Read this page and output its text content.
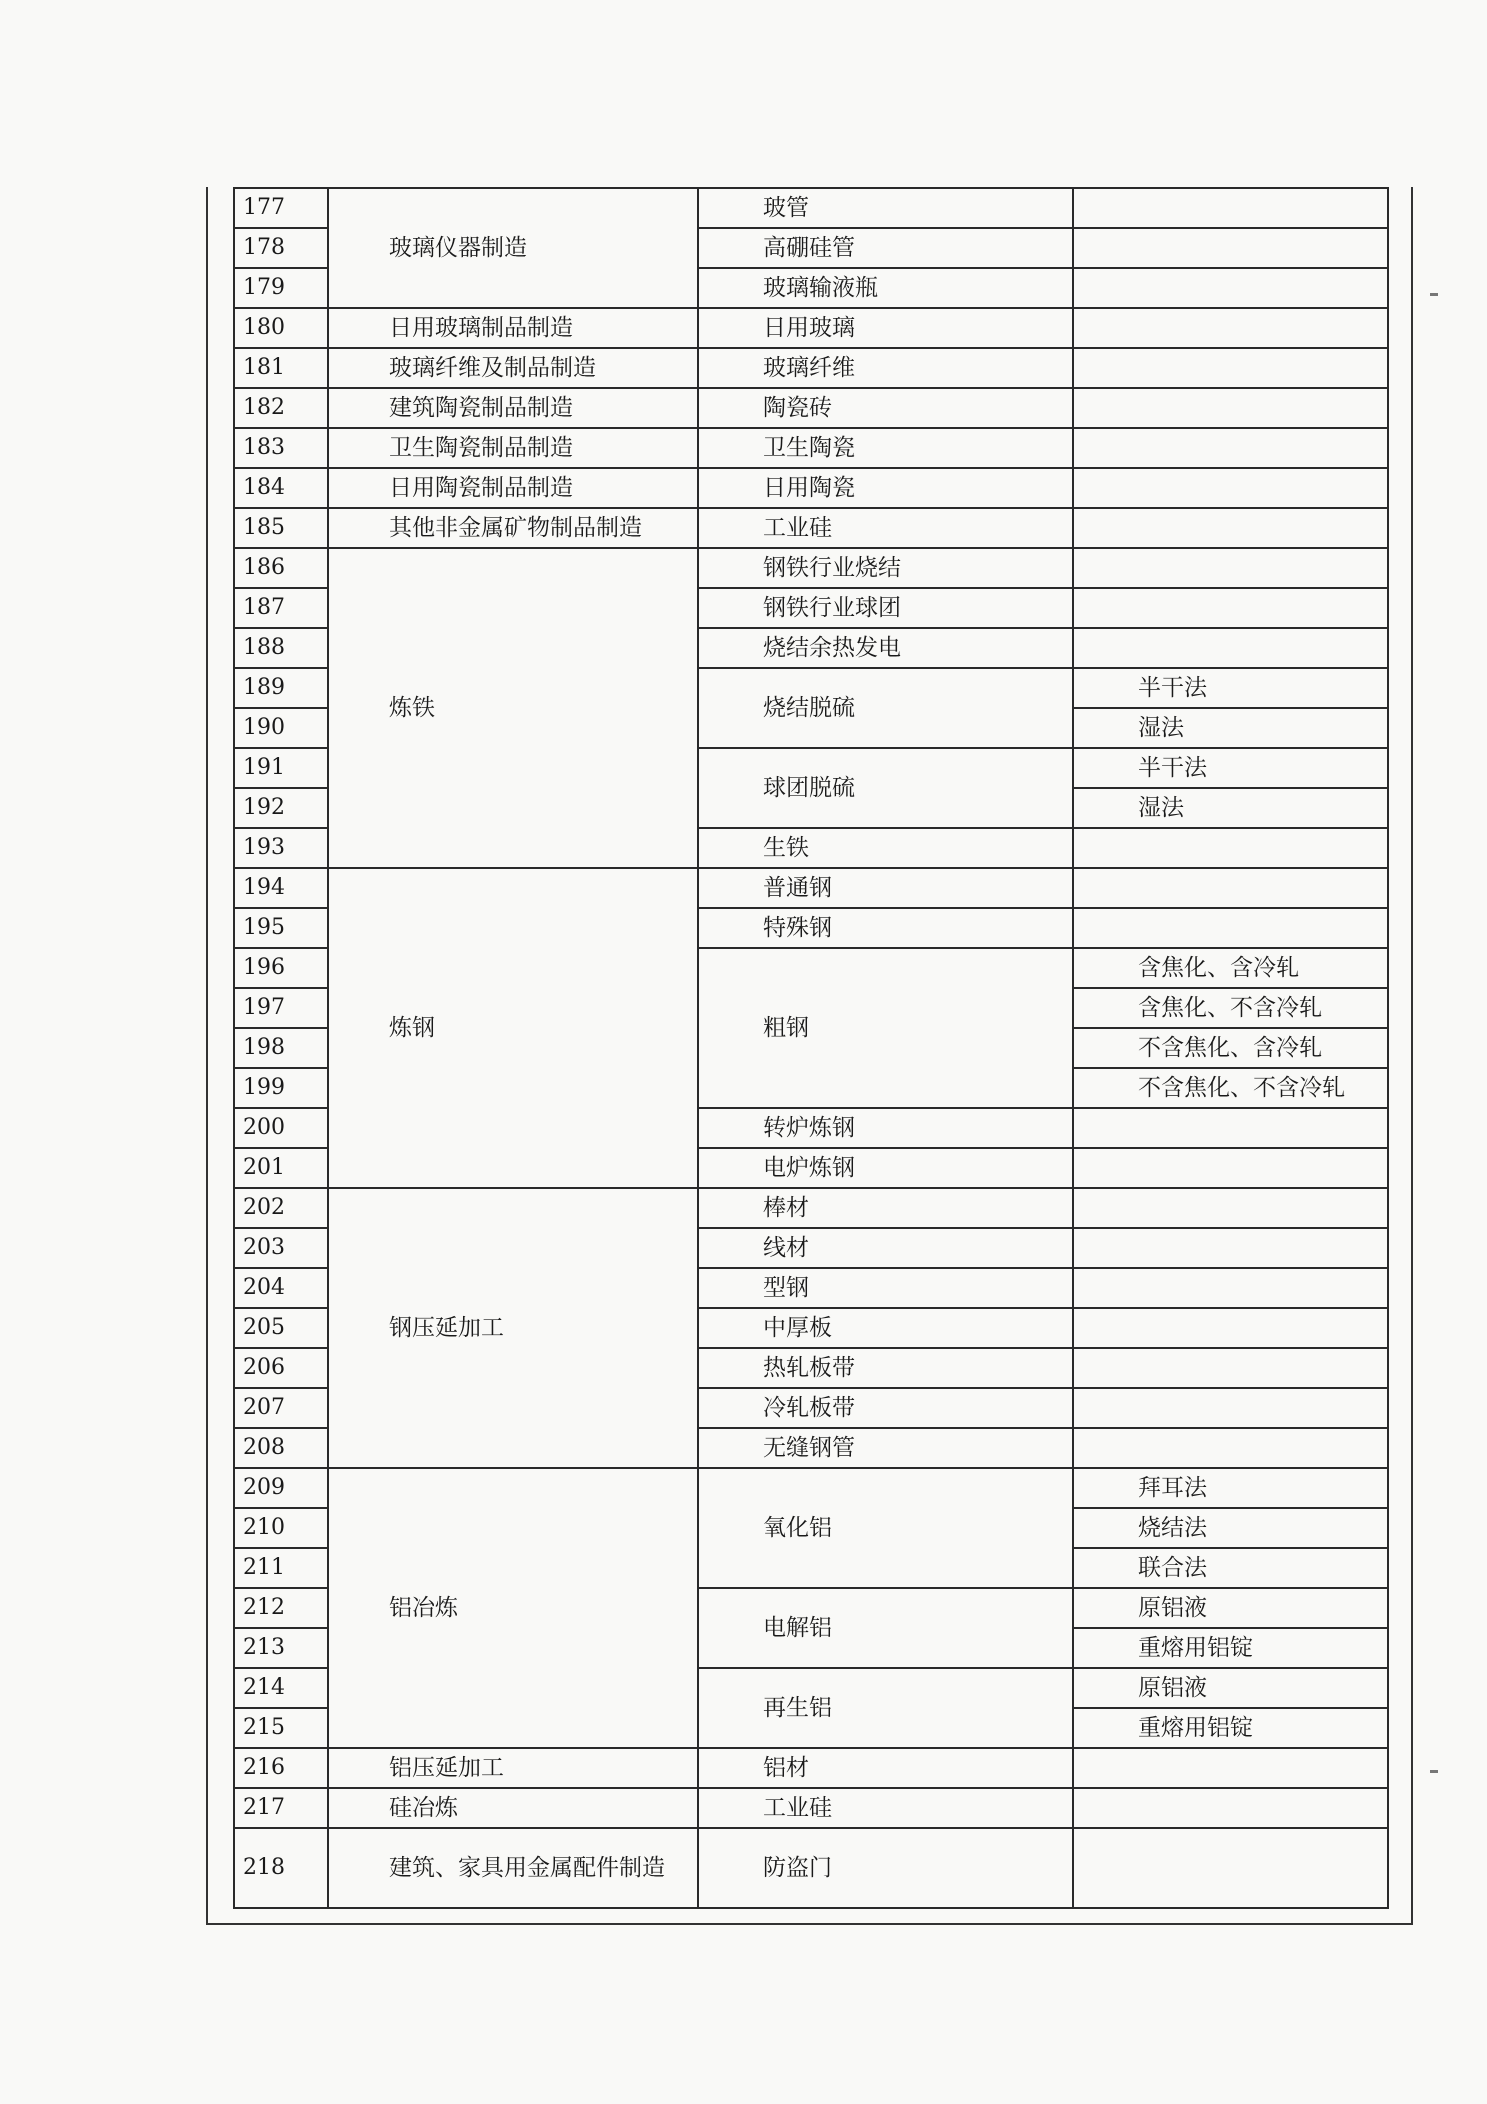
177	玻璃仪器制造	玻管	
178		高硼硅管	
179		玻璃输液瓶	
180	日用玻璃制品制造	日用玻璃	
181	玻璃纤维及制品制造	玻璃纤维	
182	建筑陶瓷制品制造	陶瓷砖	
183	卫生陶瓷制品制造	卫生陶瓷	
184	日用陶瓷制品制造	日用陶瓷	
185	其他非金属矿物制品制造	工业硅	
186	炼铁	钢铁行业烧结	
187		钢铁行业球团	
188		烧结余热发电	
189		烧结脱硫	半干法
190			湿法
191		球团脱硫	半干法
192			湿法
193		生铁	
194	炼钢	普通钢	
195		特殊钢	
196		粗钢	含焦化、含冷轧
197			含焦化、不含冷轧
198			不含焦化、含冷轧
199			不含焦化、不含冷轧
200		转炉炼钢	
201		电炉炼钢	
202	钢压延加工	棒材	
203		线材	
204		型钢	
205		中厚板	
206		热轧板带	
207		冷轧板带	
208		无缝钢管	
209	铝冶炼	氧化铝	拜耳法
210			烧结法
211			联合法
212		电解铝	原铝液
213			重熔用铝锭
214		再生铝	原铝液
215			重熔用铝锭
216	铝压延加工	铝材	
217	硅冶炼	工业硅	
218	建筑、家具用金属配件制造	防盗门	
